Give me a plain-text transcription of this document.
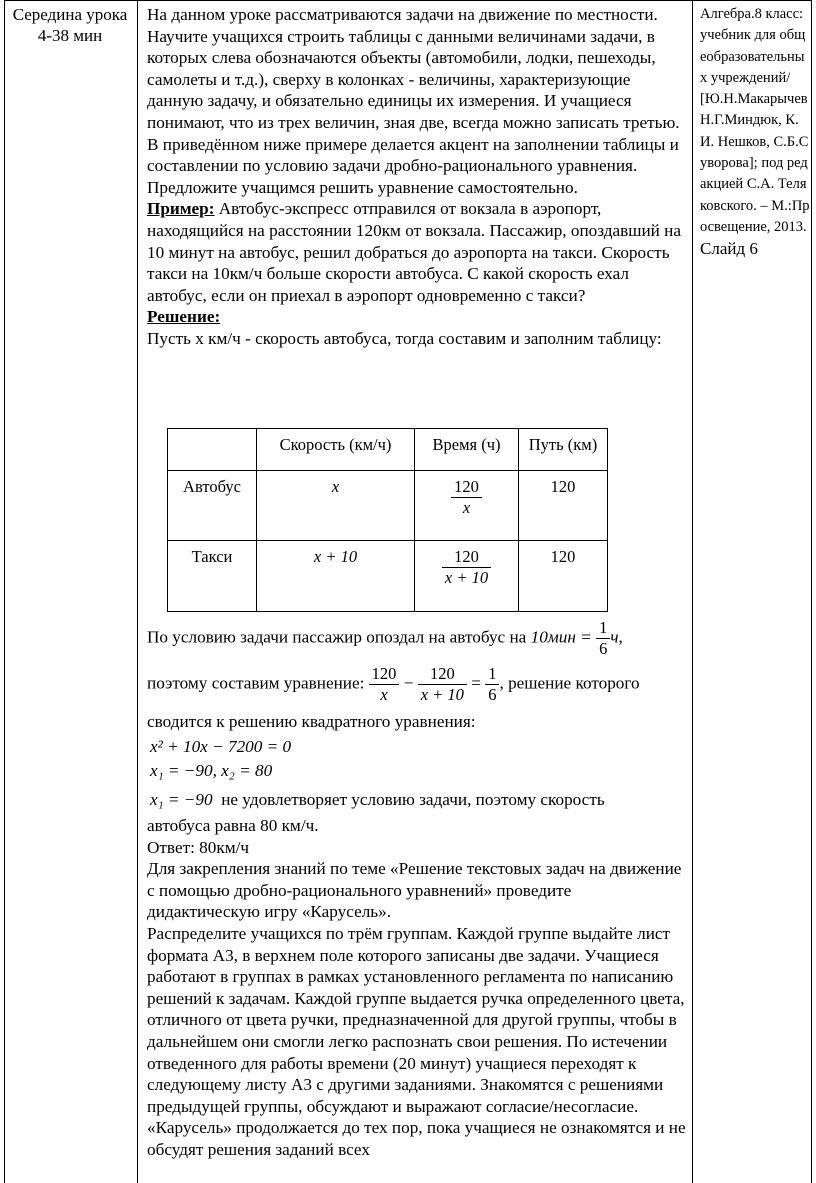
Середина урока
4-38 мин

На данном уроке рассматриваются задачи на движение по местности. Научите учащихся строить таблицы с данными величинами задачи, в которых слева обозначаются объекты (автомобили, лодки, пешеходы, самолеты и т.д.), сверху в колонках - величины, характеризующие данную задачу, и обязательно единицы их измерения. И учащиеся понимают, что из трех величин, зная две, всегда можно записать третью. В приведённом ниже примере делается акцент на заполнении таблицы и составлении по условию задачи дробно-рационального уравнения.

Предложите учащимся решить уравнение самостоятельно.

Пример: Автобус-экспресс отправился от вокзала в аэропорт, находящийся на расстоянии 120км от вокзала. Пассажир, опоздавший на 10 минут на автобус, решил добраться до аэропорта на такси. Скорость такси на 10км/ч больше скорости автобуса. С какой скорость ехал автобус, если он приехал в аэропорт одновременно с такси?

Решение:

Пусть x км/ч - скорость автобуса, тогда составим и заполним таблицу:

	Скорость (км/ч)	Время (ч)	Путь (км)
Автобус	x	$\frac{120}{x}$	120
Такси	x + 10	$\frac{120}{x + 10}$	120
По условию задачи пассажир опоздал на автобус на $10мин = \frac{1}{6} ч$,
поэтому составим уравнение: $\frac{120}{x} - \frac{120}{x + 10} = \frac{1}{6}$ , решение которого
сводится к решению квадратного уравнения:
x² + 10x − 7200 = 0
x₁ = −90, x₂ = 80
x₁ = −90 не удовлетворяет условию задачи, поэтому скорость

автобуса равна 80 км/ч.

Ответ: 80км/ч

Для закрепления знаний по теме «Решение текстовых задач на движение с помощью дробно-рационального уравнений» проведите дидактическую игру «Карусель».

Распределите учащихся по трём группам. Каждой группе выдайте лист формата А3, в верхнем поле которого записаны две задачи. Учащиеся работают в группах в рамках установленного регламента по написанию решений к задачам. Каждой группе выдается ручка определенного цвета, отличного от цвета ручки, предназначенной для другой группы, чтобы в дальнейшем они смогли легко распознать свои решения. По истечении отведенного для работы времени (20 минут) учащиеся переходят к следующему листу А3 с другими заданиями. Знакомятся с решениями предыдущей группы, обсуждают и выражают согласие/несогласие. «Карусель» продолжается до тех пор, пока учащиеся не ознакомятся и не обсудят решения заданий всех

Алгебра.8 класс: учебник для общеобразовательных учреждений/ [Ю.Н.Макарычев Н.Г.Миндюк, К.И. Нешков, С.Б.Суворова]; под редакцией С.А. Теляковского. – М.:Просвещение, 2013.
Слайд 6
